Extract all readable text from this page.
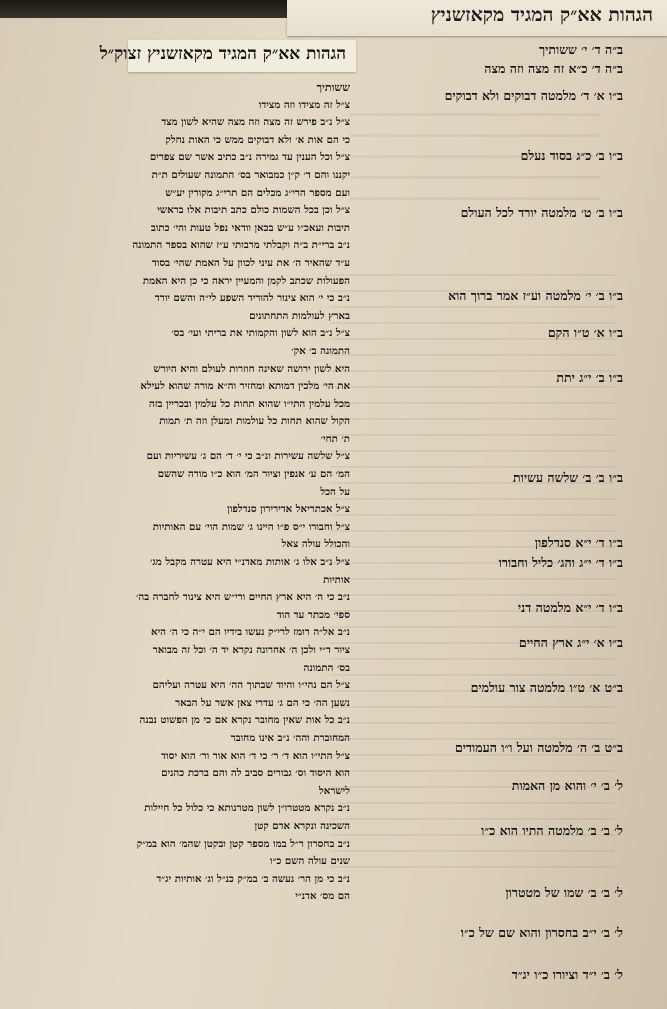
הגהות אא״ק המגיד מקאזשניץ
הגהות אא״ק המגיד מקאזשניץ זצוק״ל	ב״ה ד׳ י׳ ששותיך
ב״ה ד׳ כ״א זה מצה וזה מצה
ב״ו א׳ ד׳ מלמטה דבוקים ולא דבוקים
ב״ו ב׳ כ״ג בסוד נעלם
ב״ו ב׳ ט׳ מלמטה יורד לכל העולם
ב״ו ב׳ י׳ מלמטה וע״ז אמר ברוך הוא
ב״ו א׳ ט״ו הקם
ב״ו ב׳ י״ג יתת
ב״ו ב׳ ב׳ שלשה עשיות
ב״ו ד׳ י״א סנדלפון
ב״ו ד׳ י״ג והג׳ כליל וחבורו
ב״ו ד׳ י״א מלמטה דני
ב״ו א׳ י״ג ארץ החיים
ב״ט א׳ ט״ו מלמטה צור עולמים
ב״ט ב׳ ה׳ מלמטה ועל ו״ו העמודים
ל׳ ב׳ י׳ והוא מן האמות
ל׳ ב׳ ב׳ מלמטה התיו הוא כ״ו
ל׳ ב׳ ב׳ שמו של מטטרון
ל׳ ב׳ י״ב בחסרון והוא שם של כ״ו
ל׳ ב׳ י״ד וציורו כ״ו יג״ד
ששותיך
צ״ל זה מצידו וזה מצידו
צ״ל נ״ב פירש זה מצה וזה מצה שהיא לשון מצד
כי הם אות א׳ ולא דבוקים ממש כי האות נחלק
צ״ל וכל הענין עד גמירה נ״ב כתיב אשר שם צפרים
יקננו והם ד׳ ק״ן כמבואר בס׳ התמונה שעולים ת״ת
ועם מספר הרי״ג מכלים הם תרי״ג מקורין יע״ש
צ״ל וכן בכל השמות כולם כתב תיבות אלו בראשי
תיבות ועאכ״ו ע״ש בכאן וודאי נפל טעות והי׳ כתוב
נ״ב ברי״ת ב״ה וקבלתי מרבותי ע״ז שהוא בספר התמונה
ע״ד שהאיר ה׳ את עיני לכוון על האמת שהי׳ בסוד
הפעולות שכתב לקמן והמעיין יראה כי כן היא האמת
נ״ב כי י׳ הוא צינור להוריד השפע לי״ה והשם יורד
בארץ לעולמות התחתונים
צ״ל נ״ב הוא לשון והקמותי את בריתי ועי׳ בס׳
התמונה ב׳ אק׳
היא לשון ירושה שאינה חוזרות לעולם והיא היורש
את הי׳ מלכין דמותא ומחזיר וה״א מורה שהוא לעילא
מכל עלמין התי״ו שהוא תחות כל עלמין ובכריין בזה
הקול שהוא תחות כל עולמות ומעלן וזה ת׳ תמות
ת׳ תחי׳
צ״ל שלשה עשירות ונ״ב כי י׳ ד׳ הם ג׳ עשיריות ועם
המ׳ הם ע׳ אנפין וציור המ׳ הוא כ״ו מורה שהשם
על הכל
צ״ל אכתריאל אדירירון סנדלפון
צ״ל וחבורו י״ס פ״ו היינו ג׳ שמות הוי׳ עם האותיות
והכולל עולה צאל
צ״ל נ״ב אלו ג׳ אותות מאדנ״י היא עטרה מקבל מג׳
אותיות
נ״ב כי ה׳ היא ארץ החיים ורי״ש היא צינור לחברה בה׳
ספי׳ מכתר עד הוד
נ״ב אל״ה רומז לרי״ק נעשו בידיו הם י״ה כי ה׳ היא
ציור ד״י ולכן ה׳ אחרונה נקרא יד ה׳ וכל זה מבואר
בס׳ התמונה
צ״ל הם נהי״ו והיוד שבתוך הה׳ היא עטרה ועליהם
נשען הה׳ כי הם ג׳ עדרי צאן אשר על הבאר
נ״ב כל אות שאין מחובר נקרא אם כי מן הפשוט נבנה
המחוברת והה׳ נ״ב אינו מחובר
צ״ל התי״ו הוא ד׳ ר׳ כי ד׳ הוא אור ור׳ הוא יסוד
הוא היסוד וס׳ גבורים סביב לה והם ברכת כהנים
לישראל
נ״ב נקרא מטטרו״ן לשון מטרנותא כי כלול כל חיילות
השכינה ונקרא אדם קטן
נ״ב בחסרון ר״ל במו מספר קטן ובקטן שהמ׳ הוא במ״ק
שנים עולה השם כ״ו
נ״ב כי מן הר׳ נעשה ב׳ במ״ק כנ״ל וג׳ אותיות יג״ד
הם מס׳ אדנ״י
